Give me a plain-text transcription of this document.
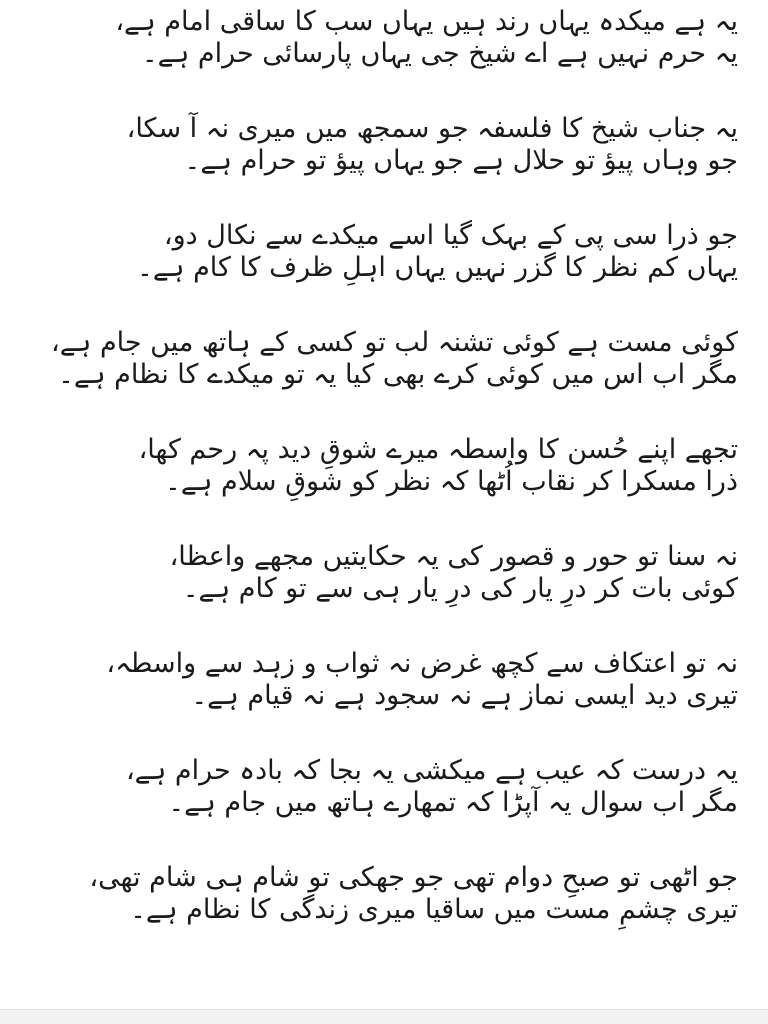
یہ ہے میکدہ یہاں رند ہیں یہاں سب کا ساقی امام ہے،
یہ حرم نہیں ہے اے شیخ جی یہاں پارسائی حرام ہے۔
یہ جناب شیخ کا فلسفہ جو سمجھ میں میری نہ آ سکا،
جو وہاں پیؤ تو حلال ہے جو یہاں پیؤ تو حرام ہے۔
جو ذرا سی پی کے بہک گیا اسے میکدے سے نکال دو،
یہاں کم نظر کا گزر نہیں یہاں اہلِ ظرف کا کام ہے۔
کوئی مست ہے کوئی تشنہ لب تو کسی کے ہاتھ میں جام ہے،
مگر اب اس میں کوئی کرے بھی کیا یہ تو میکدے کا نظام ہے۔
تجھے اپنے حُسن کا واسطہ میرے شوقِ دید پہ رحم کھا،
ذرا مسکرا کر نقاب اُٹھا کہ نظر کو شوقِ سلام ہے۔
نہ سنا تو حور و قصور کی یہ حکایتیں مجھے واعظا،
کوئی بات کر درِ یار کی درِ یار ہی سے تو کام ہے۔
نہ تو اعتکاف سے کچھ غرض نہ ثواب و زہد سے واسطہ،
تیری دید ایسی نماز ہے نہ سجود ہے نہ قیام ہے۔
یہ درست کہ عیب ہے میکشی یہ بجا کہ بادہ حرام ہے،
مگر اب سوال یہ آپڑا کہ تمھارے ہاتھ میں جام ہے۔
جو اٹھی تو صبحِ دوام تھی جو جھکی تو شام ہی شام تھی،
تیری چشمِ مست میں ساقیا میری زندگی کا نظام ہے۔
